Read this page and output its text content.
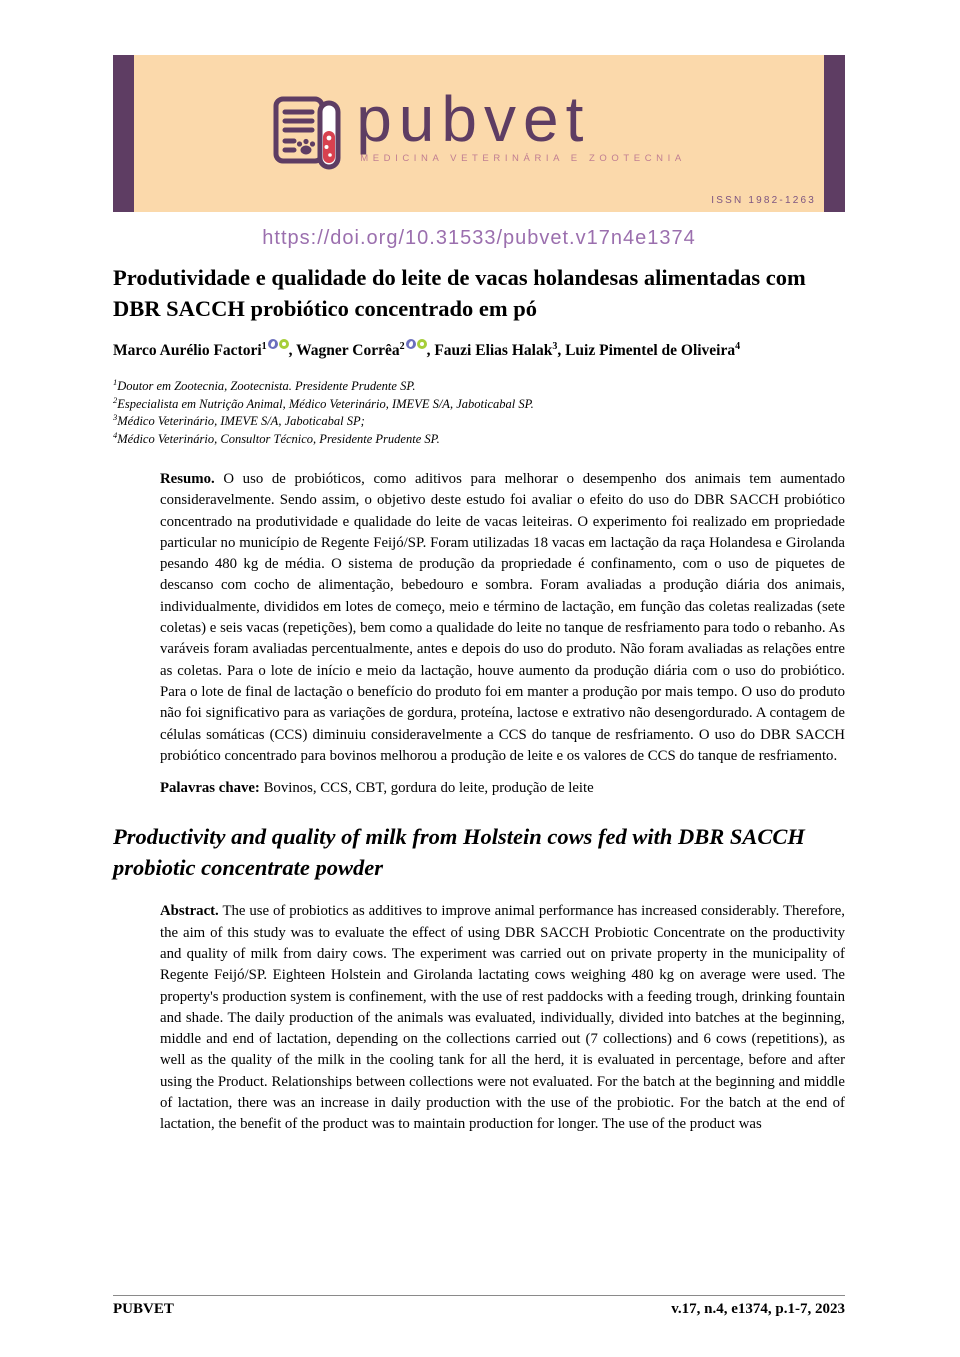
pubvet
MEDICINA VETERINÁRIA E ZOOTECNIA
ISSN 1982-1263
https://doi.org/10.31533/pubvet.v17n4e1374
Produtividade e qualidade do leite de vacas holandesas alimentadas com DBR SACCH probiótico concentrado em pó
Marco Aurélio Factori$^1$ , Wagner Corrêa$^2$ , Fauzi Elias Halak$^3$, Luiz Pimentel de Oliveira$^4$
$^1$Doutor em Zootecnia, Zootecnista. Presidente Prudente SP.
$^2$Especialista em Nutrição Animal, Médico Veterinário, IMEVE S/A, Jaboticabal SP.
$^3$Médico Veterinário, IMEVE S/A, Jaboticabal SP;
$^4$Médico Veterinário, Consultor Técnico, Presidente Prudente SP.

Resumo. O uso de probióticos, como aditivos para melhorar o desempenho dos animais tem aumentado consideravelmente. Sendo assim, o objetivo deste estudo foi avaliar o efeito do uso do DBR SACCH probiótico concentrado na produtividade e qualidade do leite de vacas leiteiras. O experimento foi realizado em propriedade particular no município de Regente Feijó/SP. Foram utilizadas 18 vacas em lactação da raça Holandesa e Girolanda pesando 480 kg de média. O sistema de produção da propriedade é confinamento, com o uso de piquetes de descanso com cocho de alimentação, bebedouro e sombra. Foram avaliadas a produção diária dos animais, individualmente, divididos em lotes de começo, meio e término de lactação, em função das coletas realizadas (sete coletas) e seis vacas (repetições), bem como a qualidade do leite no tanque de resfriamento para todo o rebanho. As varáveis foram avaliadas percentualmente, antes e depois do uso do produto. Não foram avaliadas as relações entre as coletas. Para o lote de início e meio da lactação, houve aumento da produção diária com o uso do probiótico. Para o lote de final de lactação o benefício do produto foi em manter a produção por mais tempo. O uso do produto não foi significativo para as variações de gordura, proteína, lactose e extrativo não desengordurado. A contagem de células somáticas (CCS) diminuiu consideravelmente a CCS do tanque de resfriamento. O uso do DBR SACCH probiótico concentrado para bovinos melhorou a produção de leite e os valores de CCS do tanque de resfriamento.

Palavras chave: Bovinos, CCS, CBT, gordura do leite, produção de leite

Productivity and quality of milk from Holstein cows fed with DBR SACCH probiotic concentrate powder

Abstract. The use of probiotics as additives to improve animal performance has increased considerably. Therefore, the aim of this study was to evaluate the effect of using DBR SACCH Probiotic Concentrate on the productivity and quality of milk from dairy cows. The experiment was carried out on private property in the municipality of Regente Feijó/SP. Eighteen Holstein and Girolanda lactating cows weighing 480 kg on average were used. The property's production system is confinement, with the use of rest paddocks with a feeding trough, drinking fountain and shade. The daily production of the animals was evaluated, individually, divided into batches at the beginning, middle and end of lactation, depending on the collections carried out (7 collections) and 6 cows (repetitions), as well as the quality of the milk in the cooling tank for all the herd, it is evaluated in percentage, before and after using the Product. Relationships between collections were not evaluated. For the batch at the beginning and middle of lactation, there was an increase in daily production with the use of the probiotic. For the batch at the end of lactation, the benefit of the product was to maintain production for longer. The use of the product was

PUBVET	v.17, n.4, e1374, p.1-7, 2023
